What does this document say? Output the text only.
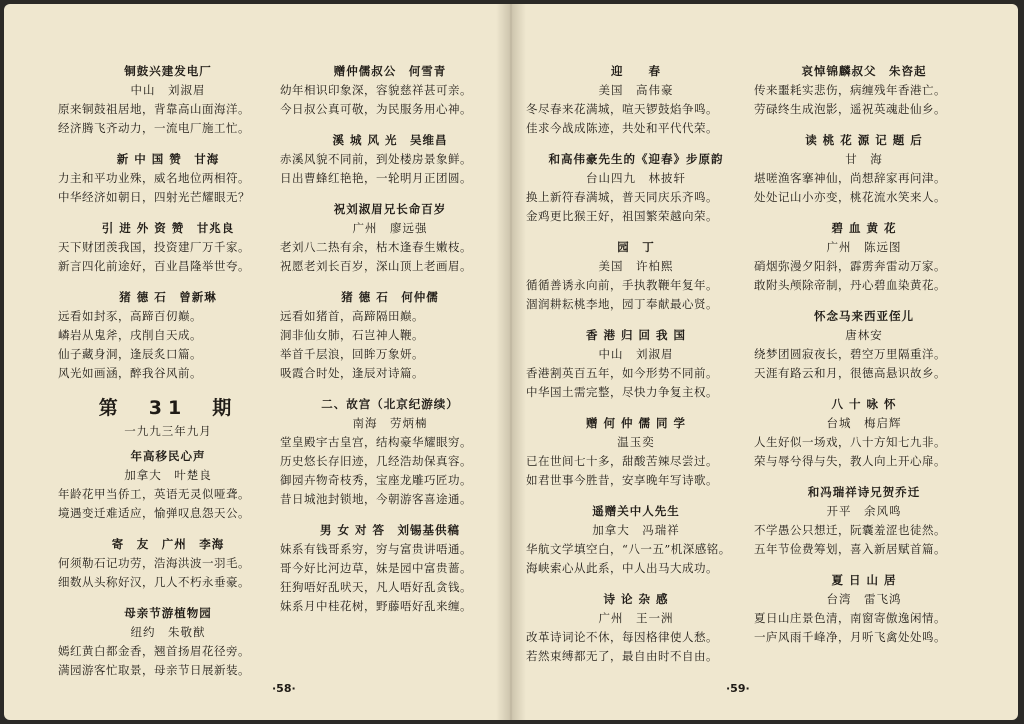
铜鼓兴建发电厂
中山　刘淑眉
原来铜鼓祖居地，背靠高山面海洋。
经济腾飞齐动力，一流电厂施工忙。
新 中 国 赞　甘海
力主和平功业殊，威名地位两相符。
中华经济如朝日，四射光芒耀眼无？
引 进 外 资 赞　甘兆良
天下财团羡我国，投资建厂万千家。
新言四化前途好，百业昌隆举世夸。
猪 德 石　曾新琳
远看如封豕，高蹄百仞巅。
嶙岩从鬼斧，戌削自天成。
仙子藏身洞，逢辰炙口篇。
风光如画涵，醉我谷风前。
第　31　期
一九九三年九月
年高移民心声
加拿大　叶楚良
年龄花甲当侨工，英语无灵似哑聋。
境遇变迁难适应，愉弹叹息怨天公。
寄　友　广州　李海
何须勒石记功劳，浩海洪波一羽毛。
细数从头称好汉，几人不朽永垂豪。
母亲节游植物园
纽约　朱敬猷
嫣红黄白都金香，翘首扬眉花径旁。
满园游客忙取景，母亲节日展新装。
赠仲儒叔公　何雪青
幼年相识印象深，容貌慈祥甚可亲。
今日叔公真可敬，为民服务用心神。
溪 城 风 光　吴维昌
赤溪风貌不同前，到处楼房景象鲜。
日出曹蜂红艳艳，一轮明月正团圆。
祝刘淑眉兄长命百岁
广州　廖远强
老刘八二热有余，枯木逢春生嫩枝。
祝愿老刘长百岁，深山顶上老画眉。
猪 德 石　何仲儒
远看如猪首，高蹄隔田巅。
洞非仙女肺，石岂神人鞭。
举首千层浪，回眸万象妍。
吸霞合时处，逢辰对诗篇。
二、故宫（北京纪游续）
南海　劳炳楠
堂皇殿宇古皇宫，结构豪华耀眼穷。
历史悠长存旧迹，几经浩劫保真容。
御园卉物奇枝秀，宝座龙雕巧匠功。
昔日城池封锁地，今朝游客喜途通。
男 女 对 答　刘锡基供稿
妹系有钱哥系穷，穷与富贵讲唔通。
哥今好比河边草，妹是园中富贵蔷。
狂狗唔好乱吠天，凡人唔好乱贪钱。
妹系月中桂花树，野藤唔好乱来缠。
·58·
迎　　春
美国　高伟豪
冬尽春来花满城，喧天锣鼓焰争鸣。
佳求今战成陈迹，共处和平代代荣。
和高伟豪先生的《迎春》步原韵
台山四九　林披轩
换上新符春满城，普天同庆乐齐鸣。
金鸡更比猴王好，祖国繁荣越向荣。
园　丁
美国　许柏熙
循循善诱永向前，手执教鞭年复年。
涸润耕耘桃李地，园丁奉献最心贤。
香 港 归 回 我 国
中山　刘淑眉
香港割英百五年，如今形势不同前。
中华国土需完整，尽快力争复主权。
赠 何 仲 儒 同 学
温玉奕
已在世间七十多，甜酸苦辣尽尝过。
如君世事今胜昔，安享晚年写诗歌。
遥赠关中人先生
加拿大　冯瑞祥
华航文学填空白，“八一五”机深感铭。
海峡索心从此系，中人出马大成功。
诗 论 杂 感
广州　王一洲
改革诗词论不休，每因格律使人愁。
若然束缚都无了，最自由时不自由。
哀悼锦麟叔父　朱咨起
传来噩耗实悲伤，病缠残年香港亡。
劳碌终生成泡影，遥祝英魂赴仙乡。
读 桃 花 源 记 题 后
甘　海
堪嗟渔客搴神仙，尚想辞家再问津。
处处记山小亦变，桃花流水笑来人。
碧 血 黄 花
广州　陈远图
硝烟弥漫夕阳斜，霹雳奔雷动万家。
敢附头颅除帝制，丹心碧血染黄花。
怀念马来西亚侄儿
唐林安
绕梦团圆寂夜长，碧空万里隔重洋。
天涯有路云和月，很德高悬识故乡。
八 十 咏 怀
台城　梅启辉
人生好似一场戏，八十方知七九非。
荣与辱兮得与失，教人向上开心扉。
和冯瑞祥诗兄贺乔迁
开平　余风鸣
不学愚公只想迁，阮囊羞涩也徒然。
五年节俭费筹划，喜入新居赋首篇。
夏 日 山 居
台湾　雷飞鸿
夏日山庄景色清，南窗寄傲逸闲情。
一庐风雨千峰净，月听飞禽处处鸣。
·59·
